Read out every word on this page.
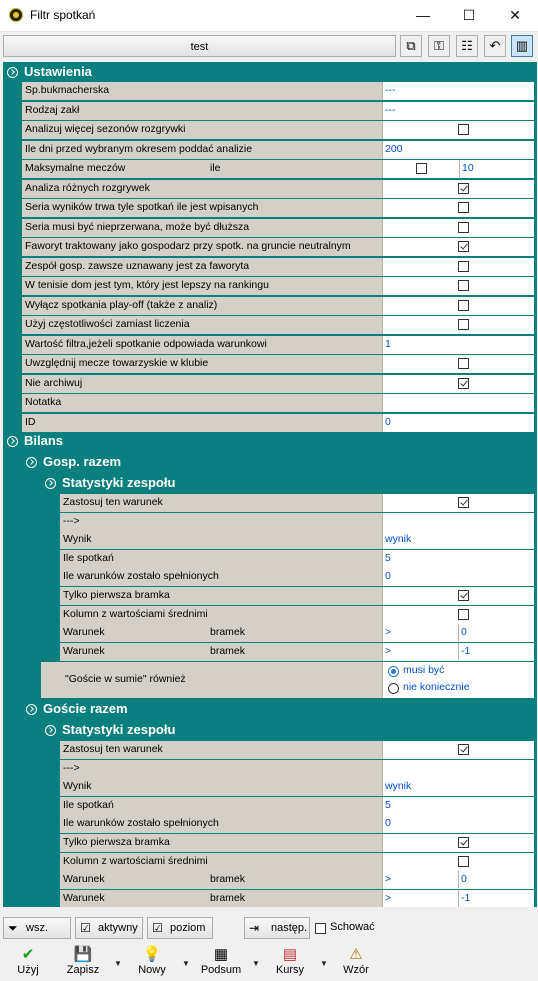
Filtr spotkań	—	☐	✕
test	⧉	⚿	☷	↶	▥
Ustawienia
Sp.bukmacherska	---
Rodzaj zakł	---
Analizuj więcej sezonów rozgrywki
Ile dni przed wybranym okresem poddać analizie	200
Maksymalne meczów	ile	10
Analiza różnych rozgrywek
Seria wyników trwa tyle spotkań ile jest wpisanych
Seria musi być nieprzerwana, może być dłuższa
Faworyt traktowany jako gospodarz przy spotk. na gruncie neutralnym
Zespół gosp. zawsze uznawany jest za faworyta
W tenisie dom jest tym, który jest lepszy na rankingu
Wyłącz spotkania play-off (także z analiz)
Użyj częstotliwości zamiast liczenia
Wartość filtra,jeżeli spotkanie odpowiada warunkowi	1
Uwzględnij mecze towarzyskie w klubie
Nie archiwuj
Notatka
ID	0
Bilans
Gosp. razem
Statystyki zespołu
Zastosuj ten warunek
--->
Wynik	wynik
Ile spotkań	5
Ile warunków zostało spełnionych	0
Tylko pierwsza bramka
Kolumn z wartościami średnimi
Warunek	bramek	>	0
Warunek	bramek	>	-1
"Goście w sumie" również
musi być
nie koniecznie
Goście razem
Statystyki zespołu
Zastosuj ten warunek
--->
Wynik	wynik
Ile spotkań	5
Ile warunków zostało spełnionych	0
Tylko pierwsza bramka
Kolumn z wartościami średnimi
Warunek	bramek	>	0
Warunek	bramek	>	-1
⏷ wsz.	☑ aktywny	☑ poziom	⇥ następ. Schować
✔
Użyj
💾
Zapisz
▼
💡
Nowy
▼
▦
Podsum
▼
▤
Kursy
▼
⚠
Wzór
